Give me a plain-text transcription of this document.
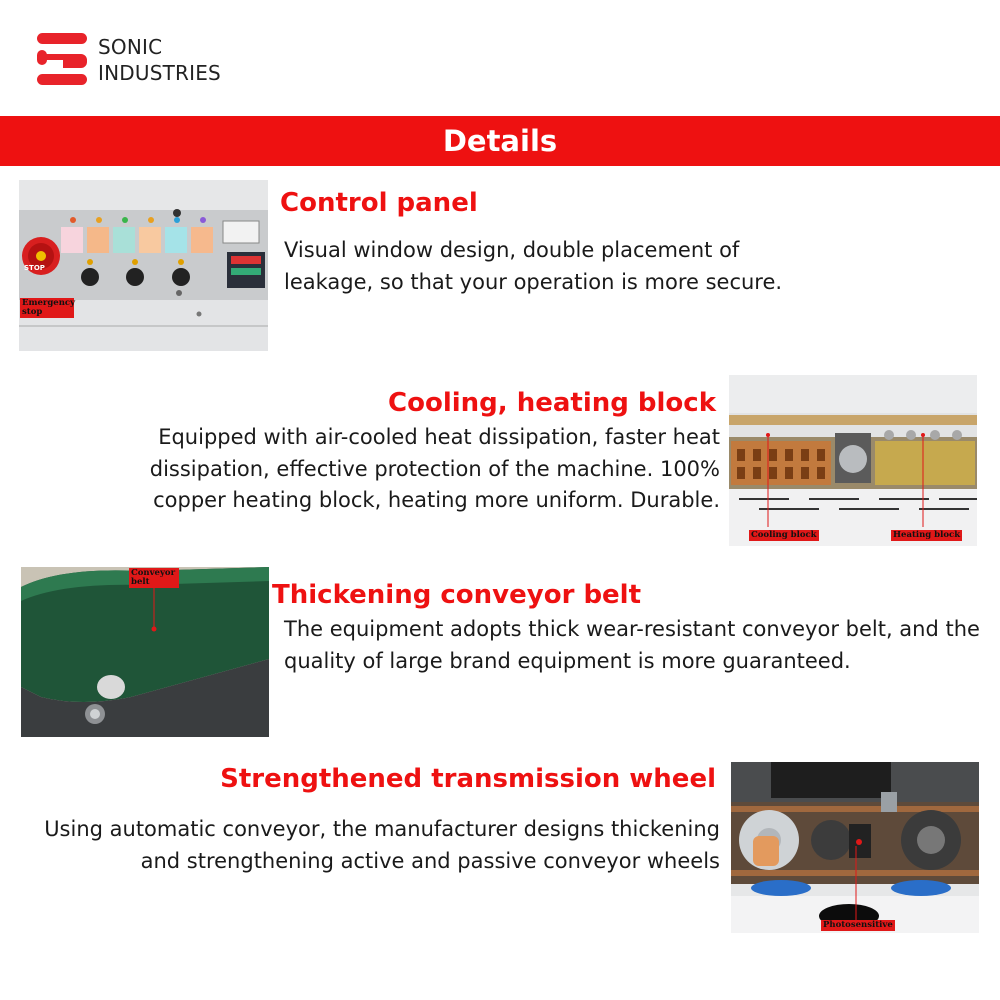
SONIC
INDUSTRIES
Details
STOP
Emergency stop
Control panel
Visual window design, double placement of leakage, so that your operation is more secure.
Cooling, heating block
Equipped with air-cooled heat dissipation, faster heat dissipation, effective protection of the machine. 100% copper heating block, heating more uniform. Durable.
Cooling block	Heating block
Conveyor belt	Thickening conveyor belt
The equipment adopts thick wear-resistant conveyor belt, and the quality of large brand equipment is more guaranteed.
Strengthened transmission wheel
Using automatic conveyor, the manufacturer designs thickening and strengthening active and passive conveyor wheels
Photosensitive
